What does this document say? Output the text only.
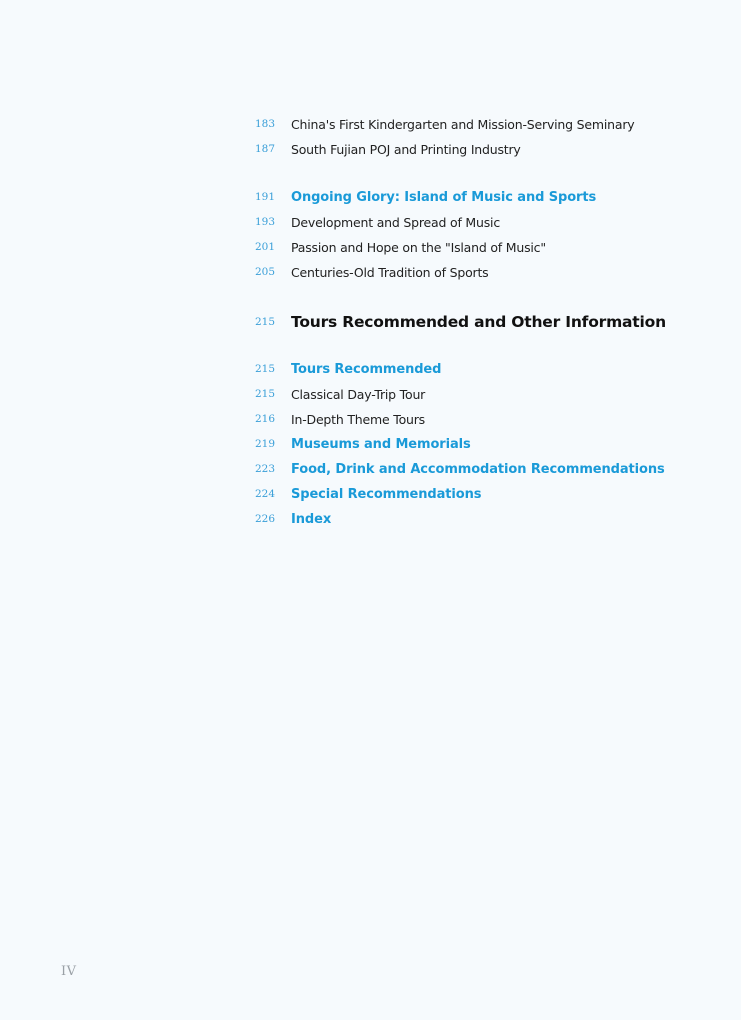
183	China's First Kindergarten and Mission-Serving Seminary
187	South Fujian POJ and Printing Industry
191	Ongoing Glory: Island of Music and Sports
193	Development and Spread of Music
201	Passion and Hope on the "Island of Music"
205	Centuries-Old Tradition of Sports
215	Tours Recommended and Other Information
215	Tours Recommended
215	Classical Day-Trip Tour
216	In-Depth Theme Tours
219	Museums and Memorials
223	Food, Drink and Accommodation Recommendations
224	Special Recommendations
226	Index
IV
